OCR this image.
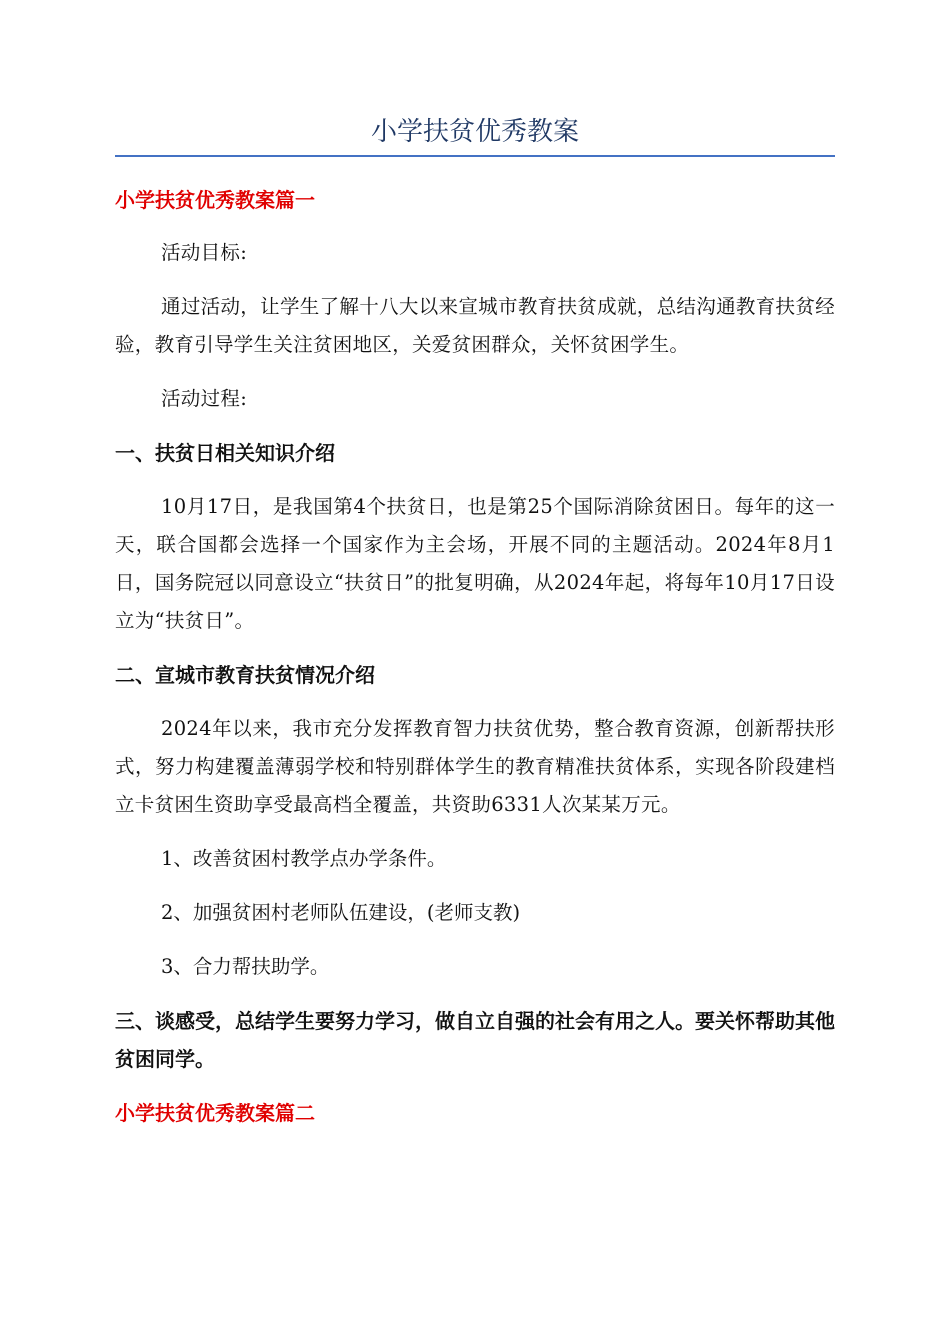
小学扶贫优秀教案
小学扶贫优秀教案篇一

活动目标:

通过活动，让学生了解十八大以来宣城市教育扶贫成就，总结沟通教育扶贫经验，教育引导学生关注贫困地区，关爱贫困群众，关怀贫困学生。

活动过程:

一、扶贫日相关知识介绍

10月17日，是我国第4个扶贫日，也是第25个国际消除贫困日。每年的这一天，联合国都会选择一个国家作为主会场，开展不同的主题活动。2024年8月1日，国务院冠以同意设立“扶贫日”的批复明确，从2024年起，将每年10月17日设立为“扶贫日”。

二、宣城市教育扶贫情况介绍

2024年以来，我市充分发挥教育智力扶贫优势，整合教育资源，创新帮扶形式，努力构建覆盖薄弱学校和特别群体学生的教育精准扶贫体系，实现各阶段建档立卡贫困生资助享受最高档全覆盖，共资助6331人次某某万元。

1、改善贫困村教学点办学条件。

2、加强贫困村老师队伍建设，(老师支教)

3、合力帮扶助学。

三、谈感受，总结学生要努力学习，做自立自强的社会有用之人。要关怀帮助其他贫困同学。
小学扶贫优秀教案篇二
